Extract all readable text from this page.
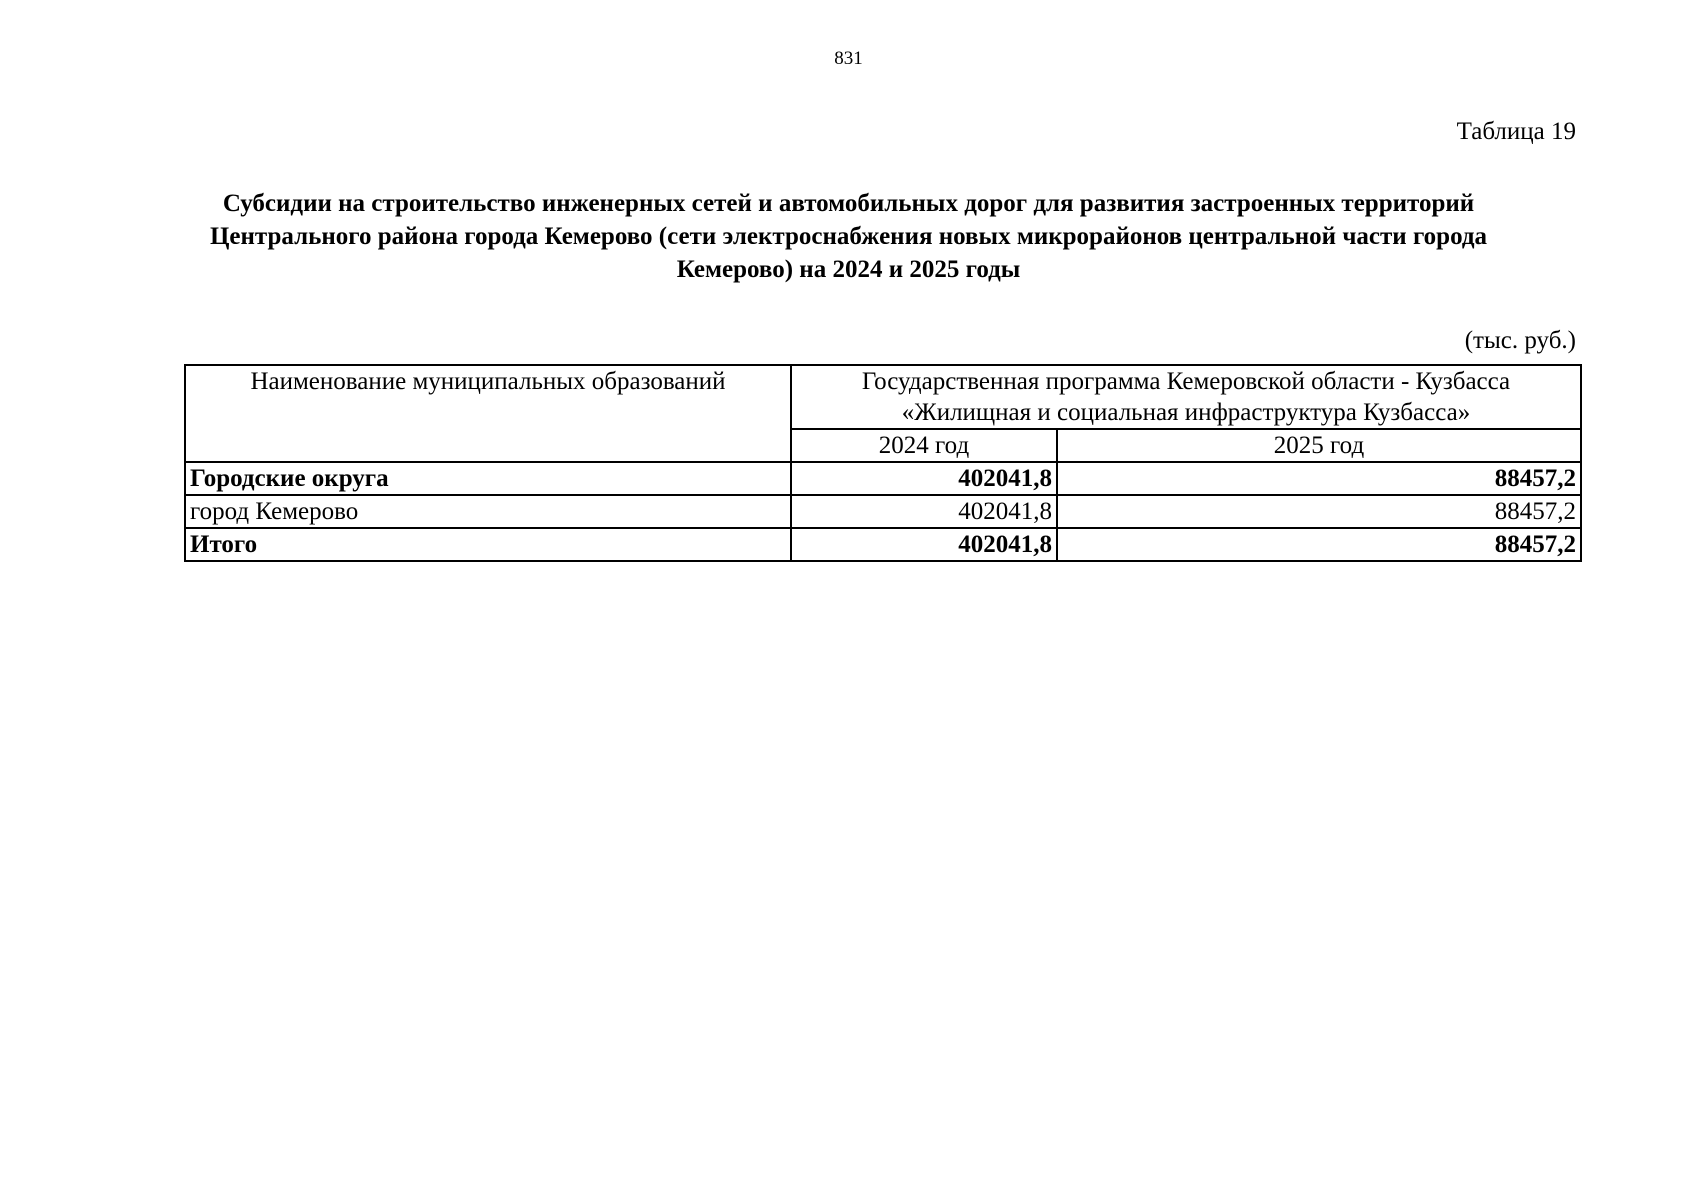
831
Таблица 19
Субсидии на строительство инженерных сетей и автомобильных дорог для развития застроенных территорий
Центрального района города Кемерово (сети электроснабжения новых микрорайонов центральной части города
Кемерово) на 2024 и 2025 годы
(тыс. руб.)
Наименование муниципальных образований	Государственная программа Кемеровской области - Кузбасса
«Жилищная и социальная инфраструктура Кузбасса»	

	2024 год	2025 год
Городские округа	402041,8	88457,2
город Кемерово	402041,8	88457,2
Итого	402041,8	88457,2
